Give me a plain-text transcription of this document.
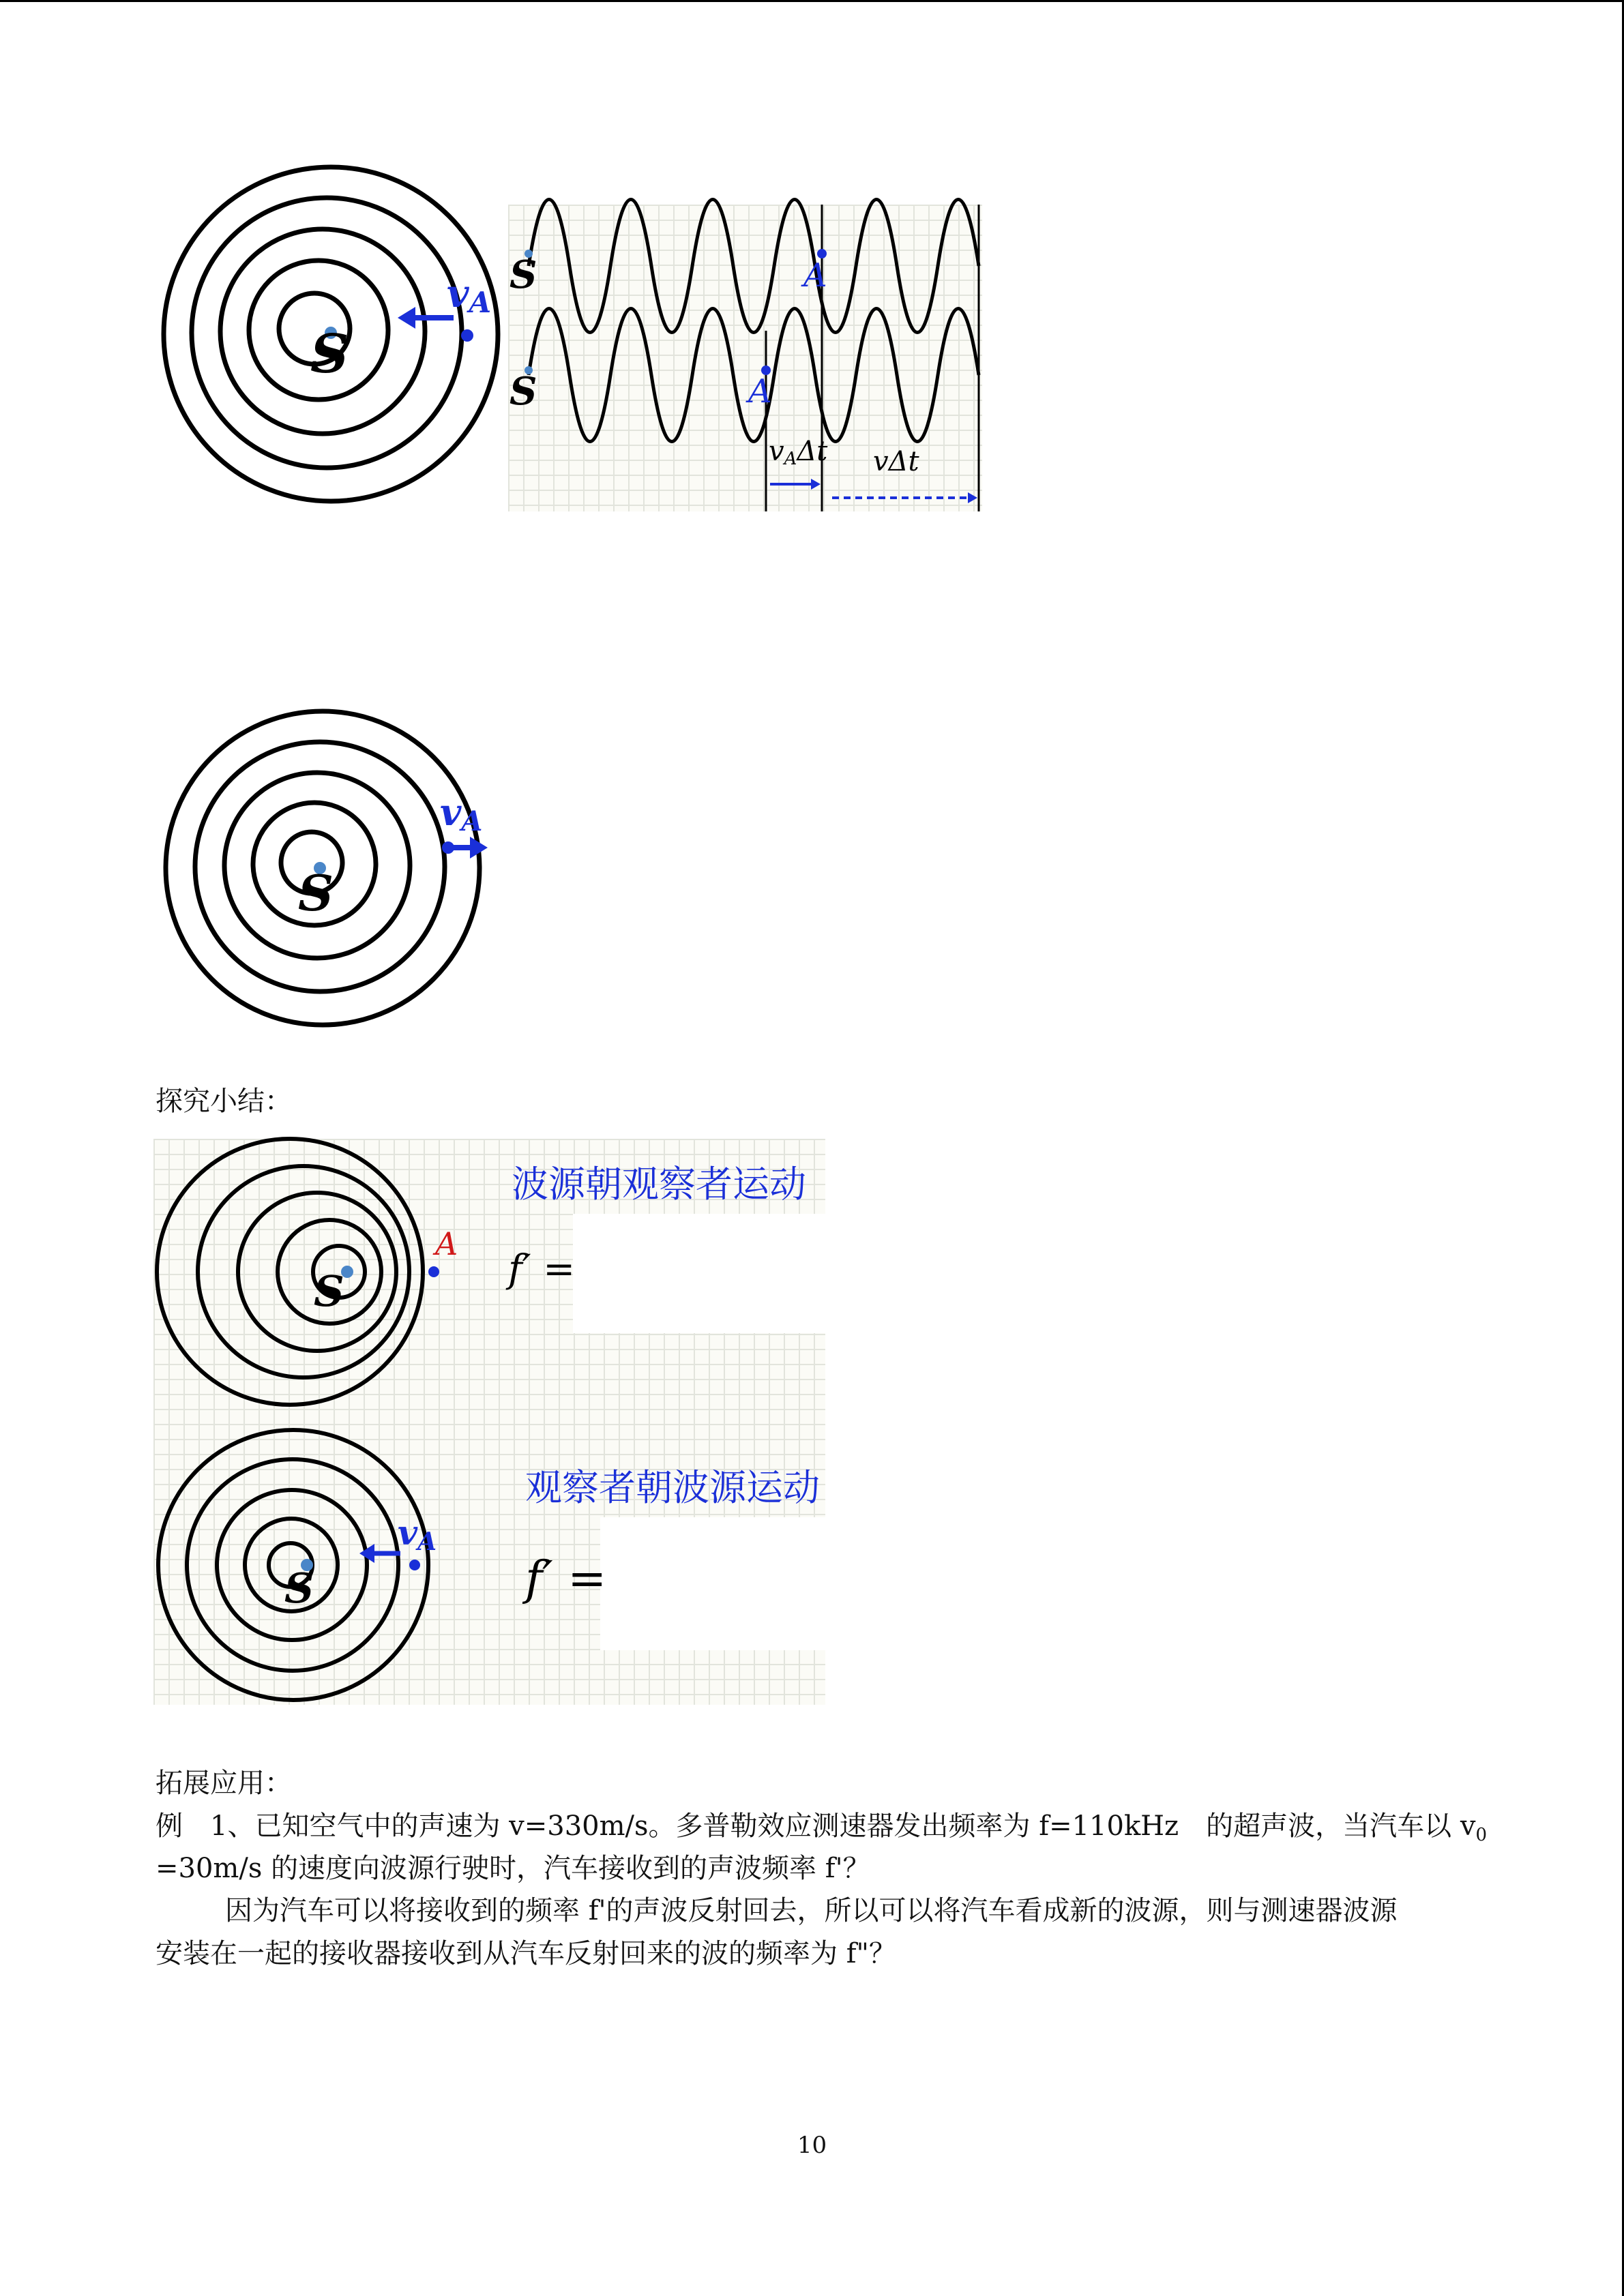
S
vA
S
S
A
A
vAΔt vΔt
S
vA
探究小结：
S
A
波源朝观察者运动
f′ =
S
vA
观察者朝波源运动
f′ =
拓展应用：
例　1、已知空气中的声速为 v=330m/s。多普勒效应测速器发出频率为 f=110kHz　的超声波，当汽车以 $v_0$
=30m/s 的速度向波源行驶时，汽车接收到的声波频率 f'？
因为汽车可以将接收到的频率 f'的声波反射回去，所以可以将汽车看成新的波源，则与测速器波源
安装在一起的接收器接收到从汽车反射回来的波的频率为 f"？
10
